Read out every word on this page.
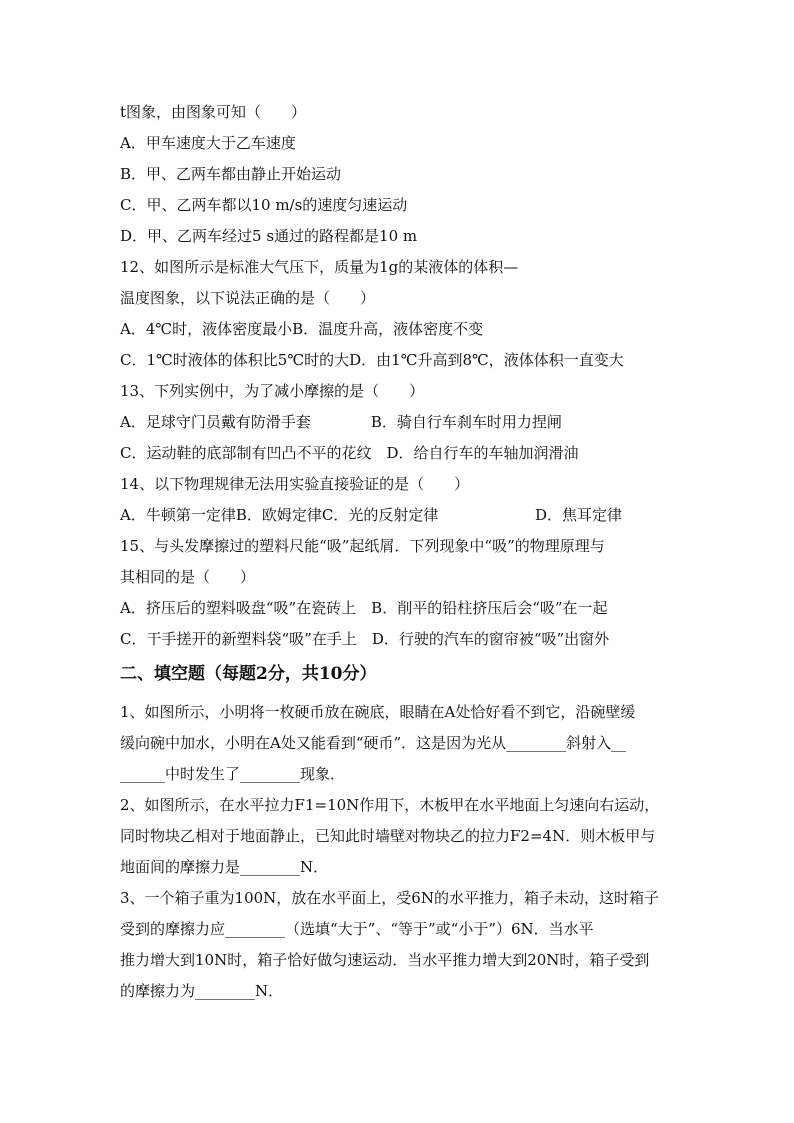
t图象，由图象可知（　　）
A．甲车速度大于乙车速度
B．甲、乙两车都由静止开始运动
C．甲、乙两车都以10 m/s的速度匀速运动
D．甲、乙两车经过5 s通过的路程都是10 m
12、如图所示是标准大气压下，质量为1g的某液体的体积—
温度图象，以下说法正确的是（　　）
A．4℃时，液体密度最小B．温度升高，液体密度不变
C．1℃时液体的体积比5℃时的大D．由1℃升高到8℃，液体体积一直变大
13、下列实例中，为了减小摩擦的是（　　）
A．足球守门员戴有防滑手套　　　　B．骑自行车刹车时用力捏闸
C．运动鞋的底部制有凹凸不平的花纹　D．给自行车的车轴加润滑油
14、以下物理规律无法用实验直接验证的是（　　）
A．牛顿第一定律B．欧姆定律C．光的反射定律	D．焦耳定律
15、与头发摩擦过的塑料尺能“吸”起纸屑．下列现象中“吸”的物理原理与
其相同的是（　　）
A．挤压后的塑料吸盘“吸”在瓷砖上　B．削平的铅柱挤压后会“吸”在一起
C．干手搓开的新塑料袋“吸”在手上　D．行驶的汽车的窗帘被“吸”出窗外
二、填空题（每题2分，共10分）
1、如图所示，小明将一枚硬币放在碗底，眼睛在A处恰好看不到它，沿碗壁缓
缓向碗中加水，小明在A处又能看到“硬币”．这是因为光从________斜射入__
______中时发生了________现象．
2、如图所示，在水平拉力F1=10N作用下，木板甲在水平地面上匀速向右运动，
同时物块乙相对于地面静止，已知此时墙壁对物块乙的拉力F2=4N．则木板甲与
地面间的摩擦力是________N．
3、一个箱子重为100N，放在水平面上，受6N的水平推力，箱子未动，这时箱子
受到的摩擦力应________（选填“大于”、“等于”或“小于”）6N．当水平
推力增大到10N时，箱子恰好做匀速运动．当水平推力增大到20N时，箱子受到
的摩擦力为________N．
